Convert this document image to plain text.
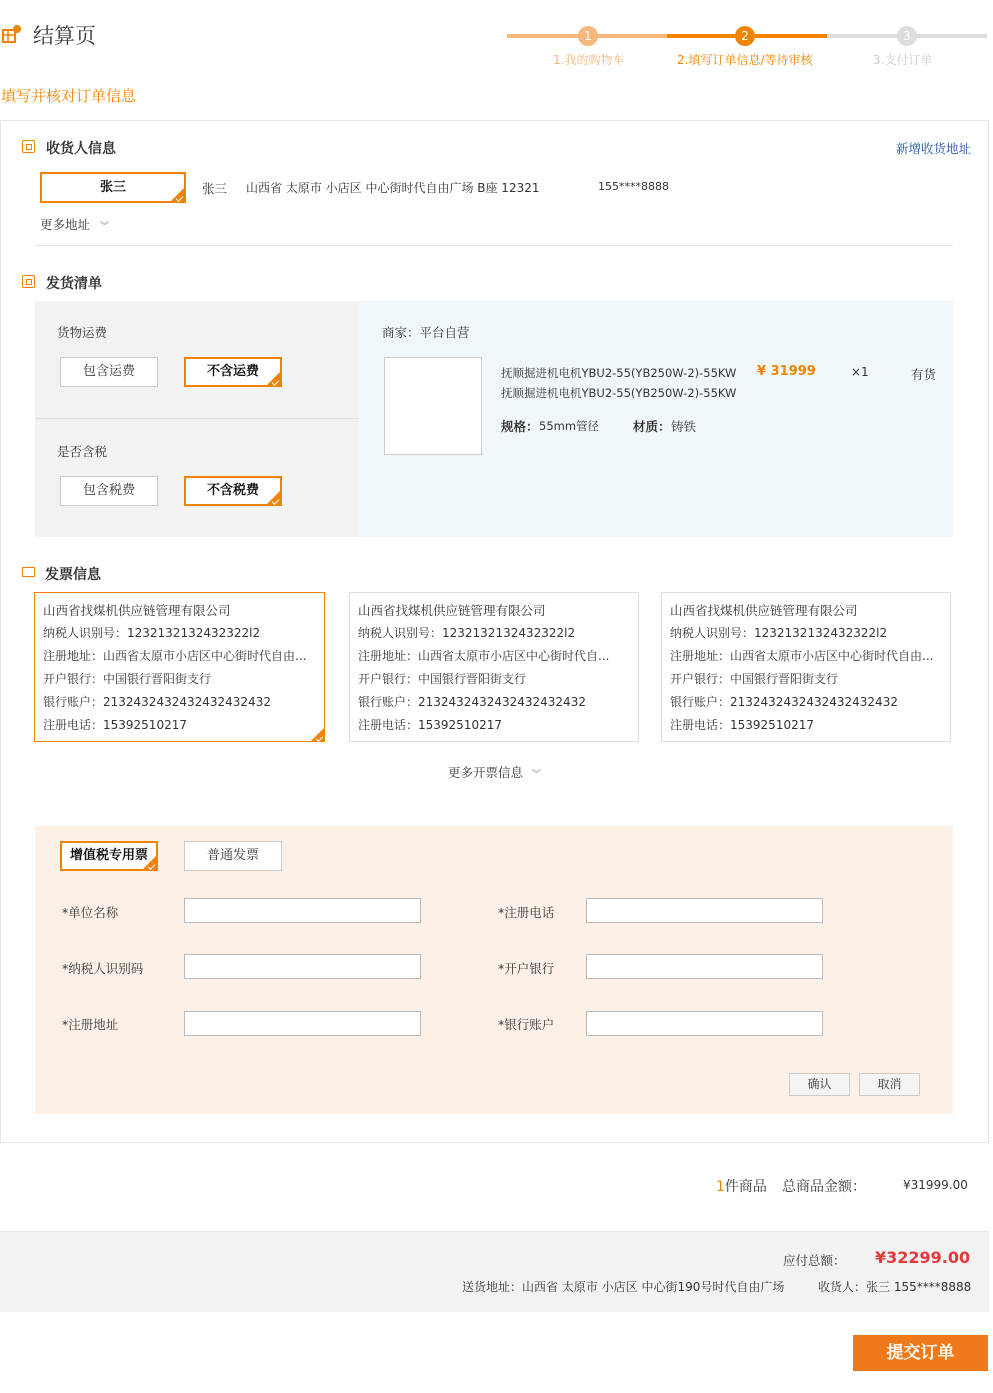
结算页	1	2	3
1.我的购物车	2.填写订单信息/等待审核	3.支付订单
填写并核对订单信息
收货人信息	新增收货地址
张三	张三 山西省 太原市 小店区 中心街时代自由广场 B座 12321	155****8888
更多地址 ︾
发货清单
货物运费
包含运费	不含运费
是否含税
包含税费	不含税费
商家：平台自营
抚顺掘进机电机YBU2-55(YB250W-2)-55KW
抚顺掘进机电机YBU2-55(YB250W-2)-55KW
¥ 31999	×1	有货
规格： 55mm管径	材质： 铸铁
发票信息
山西省找煤机供应链管理有限公司
纳税人识别号：1232132132432322l2
注册地址：山西省太原市小店区中心街时代自由...
开户银行：中国银行晋阳街支行
银行账户：2132432432432432432432
注册电话：15392510217
山西省找煤机供应链管理有限公司
纳税人识别号：1232132132432322l2
注册地址：山西省太原市小店区中心街时代自...
开户银行：中国银行晋阳街支行
银行账户：2132432432432432432432
注册电话：15392510217
山西省找煤机供应链管理有限公司
纳税人识别号：1232132132432322l2
注册地址：山西省太原市小店区中心街时代自由...
开户银行：中国银行晋阳街支行
银行账户：2132432432432432432432
注册电话：15392510217
更多开票信息 ︾
增值税专用票	普通发票
*单位名称
*纳税人识别码
*注册地址
*注册电话
*开户银行
*银行账户
确认	取消
1件商品 总商品金额：	¥31999.00
应付总额： ¥32299.00
送货地址：山西省 太原市 小店区 中心街190号时代自由广场	收货人：张三 155****8888
提交订单
